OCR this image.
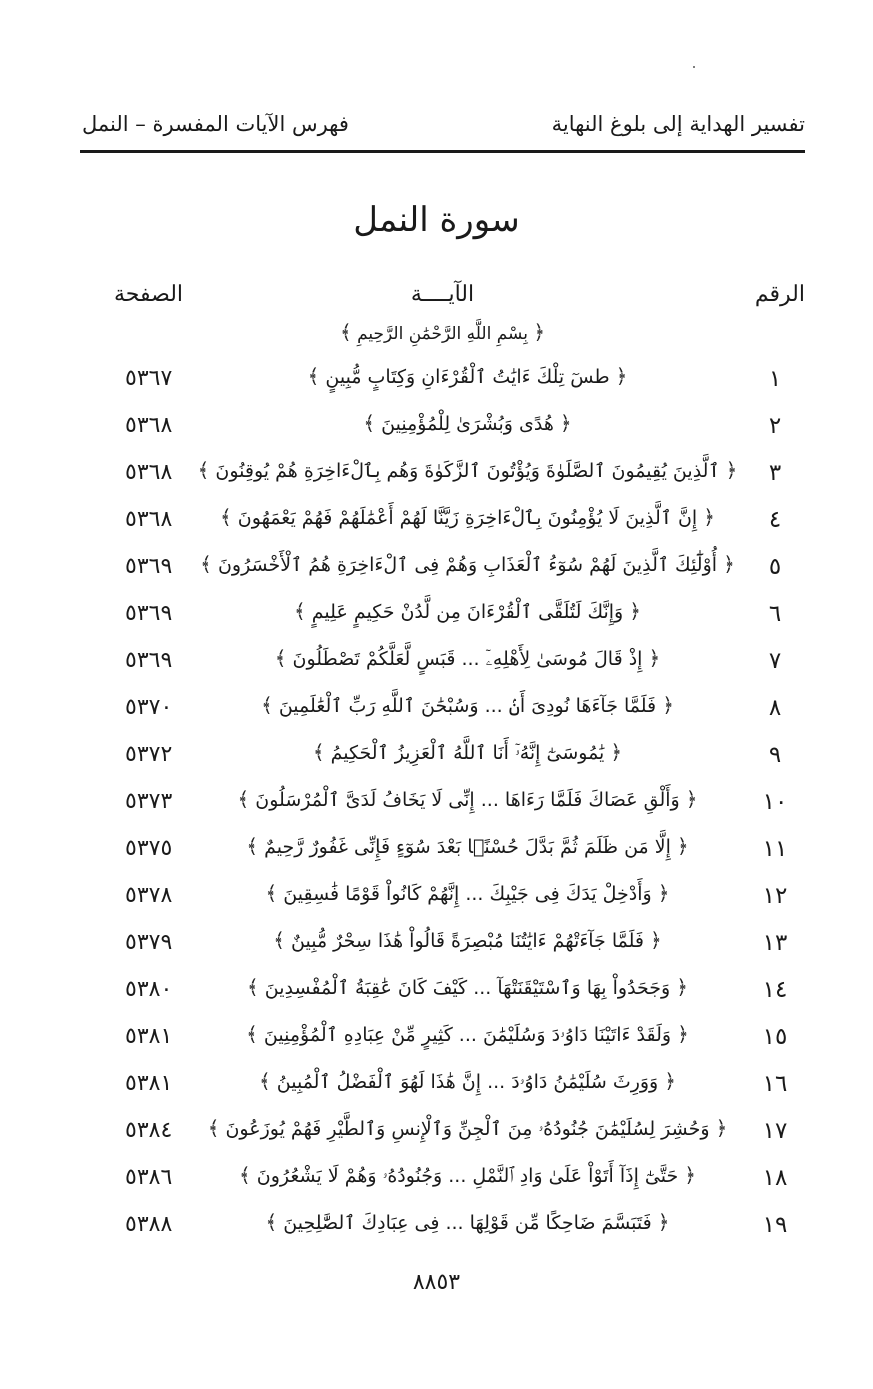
تفسير الهداية إلى بلوغ النهاية
فهرس الآيات المفسرة – النمل
سورة النمل
الرقم
الآيــــة
الصفحة
﴿ بِسْمِ اللَّهِ الرَّحْمَٰنِ الرَّحِيمِ ﴾
١
﴿ طسٓ تِلْكَ ءَايَٰتُ ٱلْقُرْءَانِ وَكِتَابٍ مُّبِينٍ ﴾
٥٣٦٧
٢
﴿ هُدًى وَبُشْرَىٰ لِلْمُؤْمِنِينَ ﴾
٥٣٦٨
٣
﴿ ٱلَّذِينَ يُقِيمُونَ ٱلصَّلَوٰةَ وَيُؤْتُونَ ٱلزَّكَوٰةَ وَهُم بِٱلْءَاخِرَةِ هُمْ يُوقِنُونَ ﴾
٥٣٦٨
٤
﴿ إِنَّ ٱلَّذِينَ لَا يُؤْمِنُونَ بِٱلْءَاخِرَةِ زَيَّنَّا لَهُمْ أَعْمَٰلَهُمْ فَهُمْ يَعْمَهُونَ ﴾
٥٣٦٨
٥
﴿ أُوْلَٰٓئِكَ ٱلَّذِينَ لَهُمْ سُوٓءُ ٱلْعَذَابِ وَهُمْ فِى ٱلْءَاخِرَةِ هُمُ ٱلْأَخْسَرُونَ ﴾
٥٣٦٩
٦
﴿ وَإِنَّكَ لَتُلَقَّى ٱلْقُرْءَانَ مِن لَّدُنْ حَكِيمٍ عَلِيمٍ ﴾
٥٣٦٩
٧
﴿ إِذْ قَالَ مُوسَىٰ لِأَهْلِهِۦٓ ... قَبَسٍ لَّعَلَّكُمْ تَصْطَلُونَ ﴾
٥٣٦٩
٨
﴿ فَلَمَّا جَآءَهَا نُودِىَ أَنۢ ... وَسُبْحَٰنَ ٱللَّهِ رَبِّ ٱلْعَٰلَمِينَ ﴾
٥٣٧٠
٩
﴿ يَٰمُوسَىٰٓ إِنَّهُۥٓ أَنَا ٱللَّهُ ٱلْعَزِيزُ ٱلْحَكِيمُ ﴾
٥٣٧٢
١٠
﴿ وَأَلْقِ عَصَاكَ فَلَمَّا رَءَاهَا ... إِنِّى لَا يَخَافُ لَدَىَّ ٱلْمُرْسَلُونَ ﴾
٥٣٧٣
١١
﴿ إِلَّا مَن ظَلَمَ ثُمَّ بَدَّلَ حُسْنًۢا بَعْدَ سُوٓءٍ فَإِنِّى غَفُورٌ رَّحِيمٌ ﴾
٥٣٧٥
١٢
﴿ وَأَدْخِلْ يَدَكَ فِى جَيْبِكَ ... إِنَّهُمْ كَانُواْ قَوْمًا فَٰسِقِينَ ﴾
٥٣٧٨
١٣
﴿ فَلَمَّا جَآءَتْهُمْ ءَايَٰتُنَا مُبْصِرَةً قَالُواْ هَٰذَا سِحْرٌ مُّبِينٌ ﴾
٥٣٧٩
١٤
﴿ وَجَحَدُواْ بِهَا وَٱسْتَيْقَنَتْهَآ ... كَيْفَ كَانَ عَٰقِبَةُ ٱلْمُفْسِدِينَ ﴾
٥٣٨٠
١٥
﴿ وَلَقَدْ ءَاتَيْنَا دَاوُۥدَ وَسُلَيْمَٰنَ ... كَثِيرٍ مِّنْ عِبَادِهِ ٱلْمُؤْمِنِينَ ﴾
٥٣٨١
١٦
﴿ وَوَرِثَ سُلَيْمَٰنُ دَاوُۥدَ ... إِنَّ هَٰذَا لَهُوَ ٱلْفَضْلُ ٱلْمُبِينُ ﴾
٥٣٨١
١٧
﴿ وَحُشِرَ لِسُلَيْمَٰنَ جُنُودُهُۥ مِنَ ٱلْجِنِّ وَٱلْإِنسِ وَٱلطَّيْرِ فَهُمْ يُوزَعُونَ ﴾
٥٣٨٤
١٨
﴿ حَتَّىٰٓ إِذَآ أَتَوْاْ عَلَىٰ وَادِ ٱلنَّمْلِ ... وَجُنُودُهُۥ وَهُمْ لَا يَشْعُرُونَ ﴾
٥٣٨٦
١٩
﴿ فَتَبَسَّمَ ضَاحِكًا مِّن قَوْلِهَا ... فِى عِبَادِكَ ٱلصَّٰلِحِينَ ﴾
٥٣٨٨
٨٨٥٣
